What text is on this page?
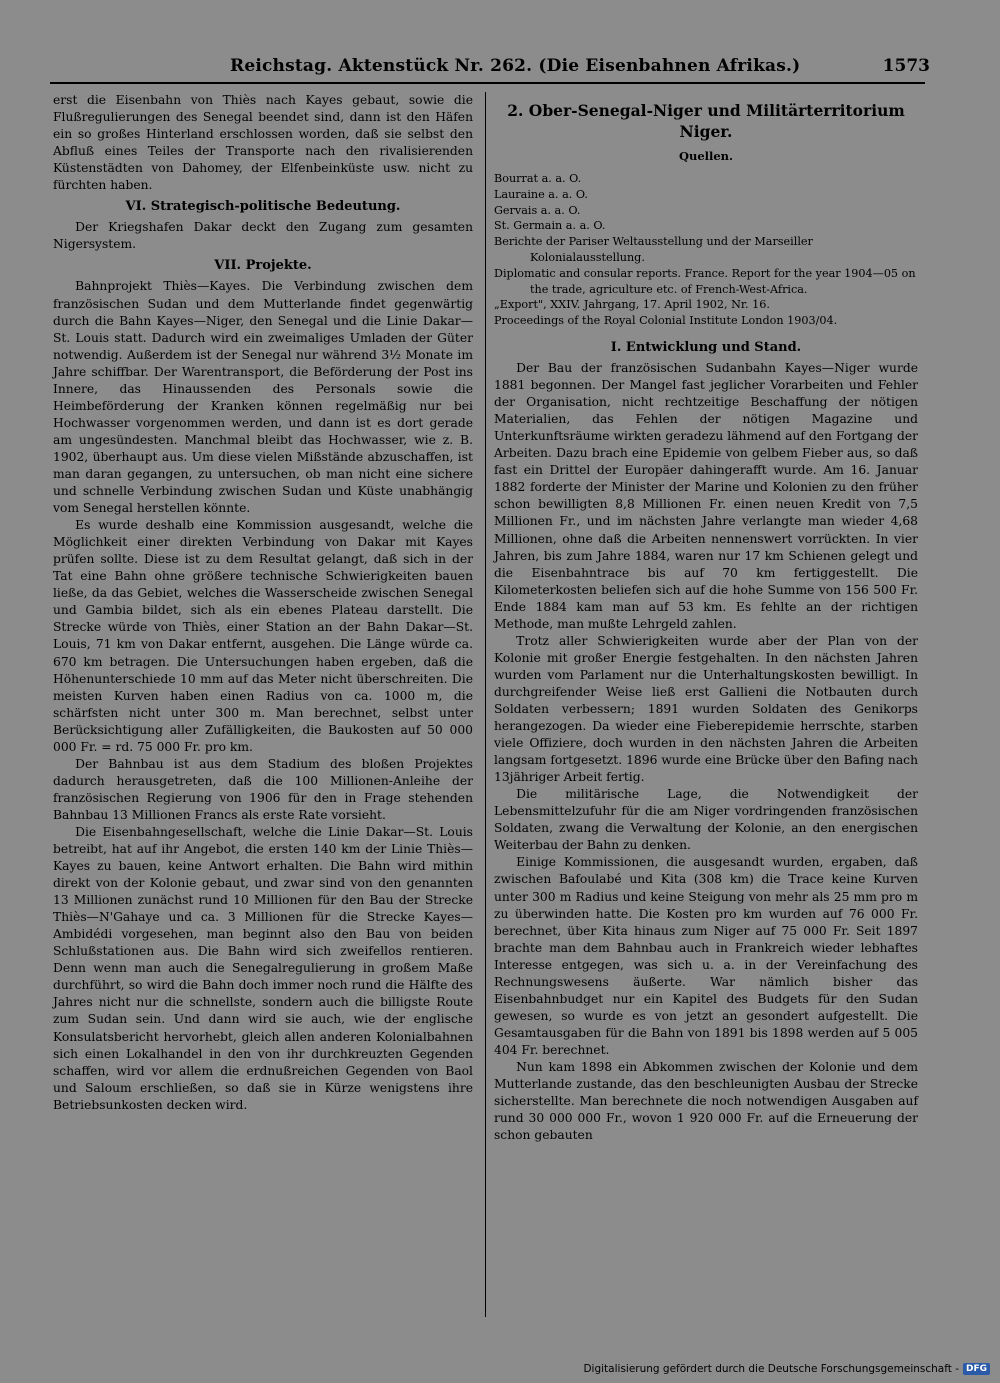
Reichstag. Aktenstück Nr. 262. (Die Eisenbahnen Afrikas.)	1573

erst die Eisenbahn von Thiès nach Kayes gebaut, sowie die Flußregulierungen des Senegal beendet sind, dann ist den Häfen ein so großes Hinterland erschlossen worden, daß sie selbst den Abfluß eines Teiles der Transporte nach den rivalisierenden Küstenstädten von Dahomey, der Elfenbeinküste usw. nicht zu fürchten haben.

VI. Strategisch-politische Bedeutung.

Der Kriegshafen Dakar deckt den Zugang zum gesamten Nigersystem.

VII. Projekte.

Bahnprojekt Thiès—Kayes. Die Verbindung zwischen dem französischen Sudan und dem Mutterlande findet gegenwärtig durch die Bahn Kayes—Niger, den Senegal und die Linie Dakar—St. Louis statt. Dadurch wird ein zweimaliges Umladen der Güter notwendig. Außerdem ist der Senegal nur während 3½ Monate im Jahre schiffbar. Der Warentransport, die Beförderung der Post ins Innere, das Hinaussenden des Personals sowie die Heimbeförderung der Kranken können regelmäßig nur bei Hochwasser vorgenommen werden, und dann ist es dort gerade am ungesündesten. Manchmal bleibt das Hochwasser, wie z. B. 1902, überhaupt aus. Um diese vielen Mißstände abzuschaffen, ist man daran gegangen, zu untersuchen, ob man nicht eine sichere und schnelle Verbindung zwischen Sudan und Küste unabhängig vom Senegal herstellen könnte.

Es wurde deshalb eine Kommission ausgesandt, welche die Möglichkeit einer direkten Verbindung von Dakar mit Kayes prüfen sollte. Diese ist zu dem Resultat gelangt, daß sich in der Tat eine Bahn ohne größere technische Schwierigkeiten bauen ließe, da das Gebiet, welches die Wasserscheide zwischen Senegal und Gambia bildet, sich als ein ebenes Plateau darstellt. Die Strecke würde von Thiès, einer Station an der Bahn Dakar—St. Louis, 71 km von Dakar entfernt, ausgehen. Die Länge würde ca. 670 km betragen. Die Untersuchungen haben ergeben, daß die Höhenunterschiede 10 mm auf das Meter nicht überschreiten. Die meisten Kurven haben einen Radius von ca. 1000 m, die schärfsten nicht unter 300 m. Man berechnet, selbst unter Berücksichtigung aller Zufälligkeiten, die Baukosten auf 50 000 000 Fr. = rd. 75 000 Fr. pro km.

Der Bahnbau ist aus dem Stadium des bloßen Projektes dadurch herausgetreten, daß die 100 Millionen-Anleihe der französischen Regierung von 1906 für den in Frage stehenden Bahnbau 13 Millionen Francs als erste Rate vorsieht.

Die Eisenbahngesellschaft, welche die Linie Dakar—St. Louis betreibt, hat auf ihr Angebot, die ersten 140 km der Linie Thiès—Kayes zu bauen, keine Antwort erhalten. Die Bahn wird mithin direkt von der Kolonie gebaut, und zwar sind von den genannten 13 Millionen zunächst rund 10 Millionen für den Bau der Strecke Thiès—N'Gahaye und ca. 3 Millionen für die Strecke Kayes—Ambidédi vorgesehen, man beginnt also den Bau von beiden Schlußstationen aus. Die Bahn wird sich zweifellos rentieren. Denn wenn man auch die Senegalregulierung in großem Maße durchführt, so wird die Bahn doch immer noch rund die Hälfte des Jahres nicht nur die schnellste, sondern auch die billigste Route zum Sudan sein. Und dann wird sie auch, wie der englische Konsulatsbericht hervorhebt, gleich allen anderen Kolonialbahnen sich einen Lokalhandel in den von ihr durchkreuzten Gegenden schaffen, wird vor allem die erdnußreichen Gegenden von Baol und Saloum erschließen, so daß sie in Kürze wenigstens ihre Betriebsunkosten decken wird.

2. Ober-Senegal-Niger und Militärterritorium Niger.
Quellen.
Bourrat a. a. O.
Lauraine a. a. O.
Gervais a. a. O.
St. Germain a. a. O.
Berichte der Pariser Weltausstellung und der Marseiller Kolonialausstellung.
Diplomatic and consular reports. France. Report for the year 1904—05 on the trade, agriculture etc. of French-West-Africa.
„Export", XXIV. Jahrgang, 17. April 1902, Nr. 16.
Proceedings of the Royal Colonial Institute London 1903/04.
I. Entwicklung und Stand.

Der Bau der französischen Sudanbahn Kayes—Niger wurde 1881 begonnen. Der Mangel fast jeglicher Vorarbeiten und Fehler der Organisation, nicht rechtzeitige Beschaffung der nötigen Materialien, das Fehlen der nötigen Magazine und Unterkunftsräume wirkten geradezu lähmend auf den Fortgang der Arbeiten. Dazu brach eine Epidemie von gelbem Fieber aus, so daß fast ein Drittel der Europäer dahingerafft wurde. Am 16. Januar 1882 forderte der Minister der Marine und Kolonien zu den früher schon bewilligten 8,8 Millionen Fr. einen neuen Kredit von 7,5 Millionen Fr., und im nächsten Jahre verlangte man wieder 4,68 Millionen, ohne daß die Arbeiten nennenswert vorrückten. In vier Jahren, bis zum Jahre 1884, waren nur 17 km Schienen gelegt und die Eisenbahntrace bis auf 70 km fertiggestellt. Die Kilometerkosten beliefen sich auf die hohe Summe von 156 500 Fr. Ende 1884 kam man auf 53 km. Es fehlte an der richtigen Methode, man mußte Lehrgeld zahlen.

Trotz aller Schwierigkeiten wurde aber der Plan von der Kolonie mit großer Energie festgehalten. In den nächsten Jahren wurden vom Parlament nur die Unterhaltungskosten bewilligt. In durchgreifender Weise ließ erst Gallieni die Notbauten durch Soldaten verbessern; 1891 wurden Soldaten des Genikorps herangezogen. Da wieder eine Fieberepidemie herrschte, starben viele Offiziere, doch wurden in den nächsten Jahren die Arbeiten langsam fortgesetzt. 1896 wurde eine Brücke über den Bafing nach 13jähriger Arbeit fertig.

Die militärische Lage, die Notwendigkeit der Lebensmittelzufuhr für die am Niger vordringenden französischen Soldaten, zwang die Verwaltung der Kolonie, an den energischen Weiterbau der Bahn zu denken.

Einige Kommissionen, die ausgesandt wurden, ergaben, daß zwischen Bafoulabé und Kita (308 km) die Trace keine Kurven unter 300 m Radius und keine Steigung von mehr als 25 mm pro m zu überwinden hatte. Die Kosten pro km wurden auf 76 000 Fr. berechnet, über Kita hinaus zum Niger auf 75 000 Fr. Seit 1897 brachte man dem Bahnbau auch in Frankreich wieder lebhaftes Interesse entgegen, was sich u. a. in der Vereinfachung des Rechnungswesens äußerte. War nämlich bisher das Eisenbahnbudget nur ein Kapitel des Budgets für den Sudan gewesen, so wurde es von jetzt an gesondert aufgestellt. Die Gesamtausgaben für die Bahn von 1891 bis 1898 werden auf 5 005 404 Fr. berechnet.

Nun kam 1898 ein Abkommen zwischen der Kolonie und dem Mutterlande zustande, das den beschleunigten Ausbau der Strecke sicherstellte. Man berechnete die noch notwendigen Ausgaben auf rund 30 000 000 Fr., wovon 1 920 000 Fr. auf die Erneuerung der schon gebauten

Digitalisierung gefördert durch die Deutsche Forschungsgemeinschaft - DFG
